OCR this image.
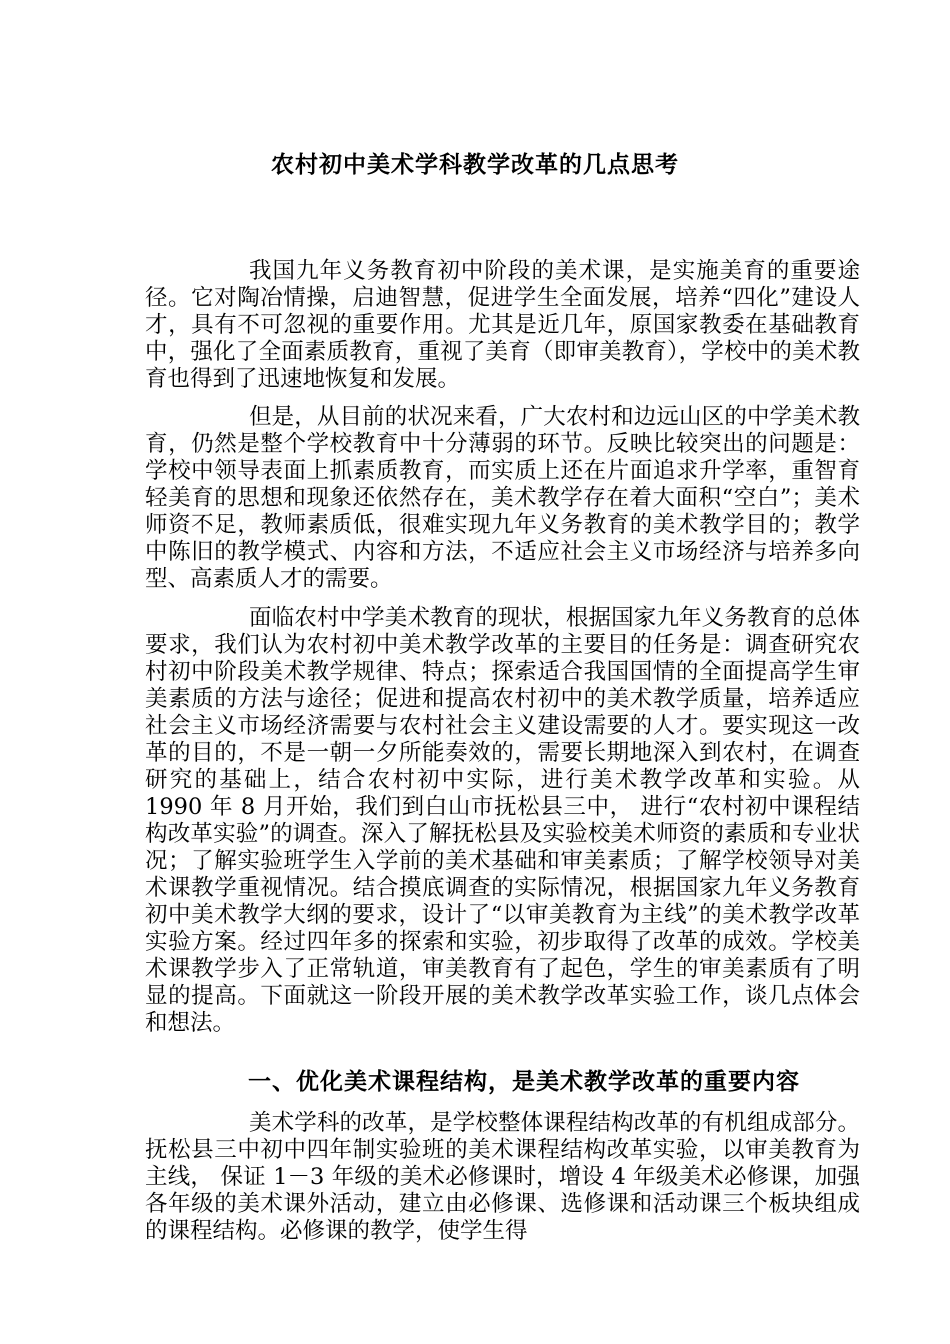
农村初中美术学科教学改革的几点思考

我国九年义务教育初中阶段的美术课，是实施美育的重要途径。它对陶冶情操，启迪智慧，促进学生全面发展，培养“四化”建设人才，具有不可忽视的重要作用。尤其是近几年，原国家教委在基础教育中，强化了全面素质教育，重视了美育（即审美教育），学校中的美术教育也得到了迅速地恢复和发展。

但是，从目前的状况来看，广大农村和边远山区的中学美术教育，仍然是整个学校教育中十分薄弱的环节。反映比较突出的问题是：学校中领导表面上抓素质教育，而实质上还在片面追求升学率，重智育轻美育的思想和现象还依然存在，美术教学存在着大面积“空白”；美术师资不足，教师素质低，很难实现九年义务教育的美术教学目的；教学中陈旧的教学模式、内容和方法，不适应社会主义市场经济与培养多向型、高素质人才的需要。

面临农村中学美术教育的现状，根据国家九年义务教育的总体要求，我们认为农村初中美术教学改革的主要目的任务是：调查研究农村初中阶段美术教学规律、特点；探索适合我国国情的全面提高学生审美素质的方法与途径；促进和提高农村初中的美术教学质量，培养适应社会主义市场经济需要与农村社会主义建设需要的人才。要实现这一改革的目的，不是一朝一夕所能奏效的，需要长期地深入到农村，在调查研究的基础上，结合农村初中实际，进行美术教学改革和实验。从 1990 年 8 月开始，我们到白山市抚松县三中， 进行“农村初中课程结构改革实验”的调查。深入了解抚松县及实验校美术师资的素质和专业状况；了解实验班学生入学前的美术基础和审美素质；了解学校领导对美术课教学重视情况。结合摸底调查的实际情况，根据国家九年义务教育初中美术教学大纲的要求，设计了“以审美教育为主线”的美术教学改革实验方案。经过四年多的探索和实验，初步取得了改革的成效。学校美术课教学步入了正常轨道，审美教育有了起色，学生的审美素质有了明显的提高。下面就这一阶段开展的美术教学改革实验工作，谈几点体会和想法。

一、优化美术课程结构，是美术教学改革的重要内容

美术学科的改革，是学校整体课程结构改革的有机组成部分。抚松县三中初中四年制实验班的美术课程结构改革实验，以审美教育为主线， 保证 1－3 年级的美术必修课时，增设 4 年级美术必修课，加强各年级的美术课外活动，建立由必修课、选修课和活动课三个板块组成的课程结构。必修课的教学，使学生得
